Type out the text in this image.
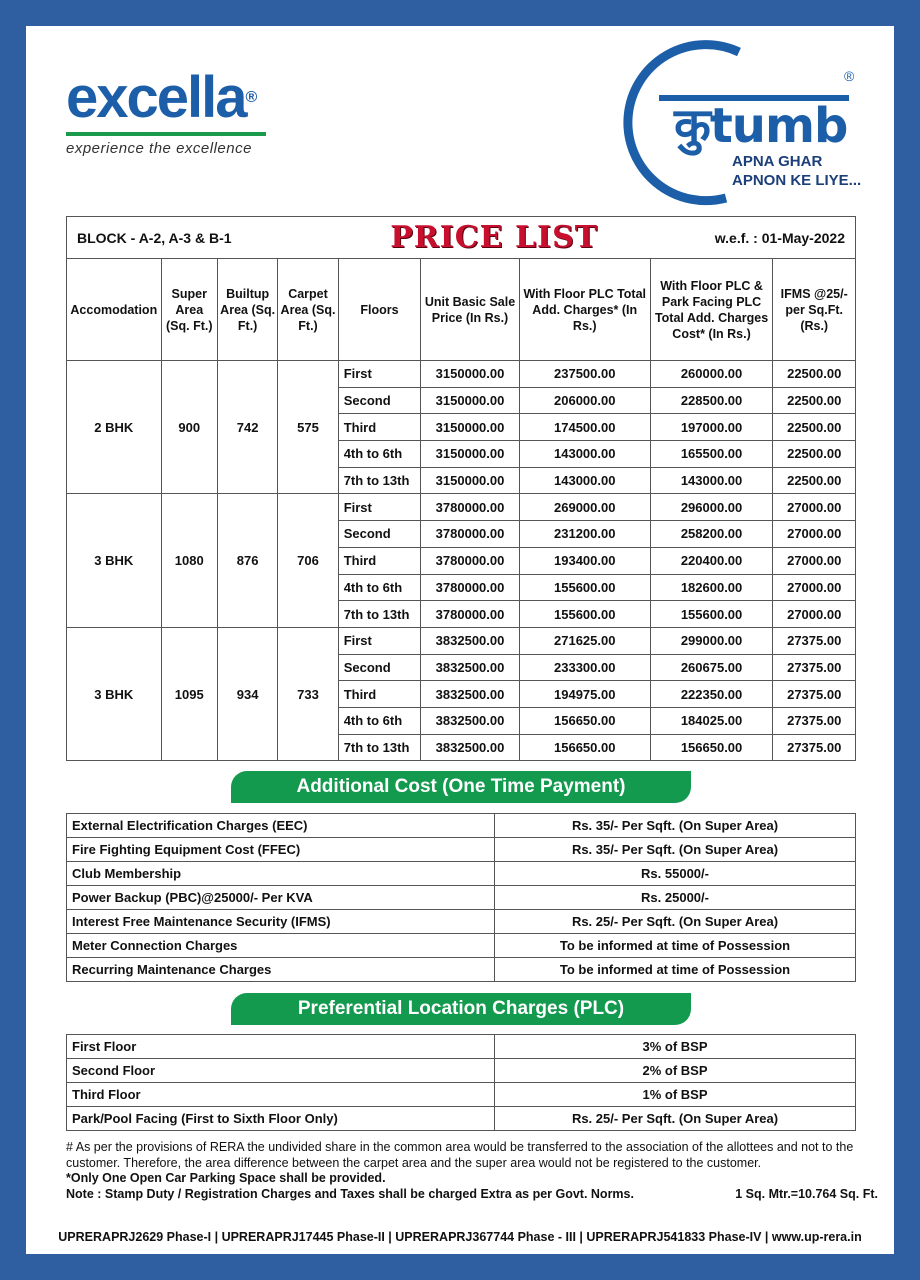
excella®
experience the excellence	कुtumb
®
APNA GHAR
APNON KE LIYE...
BLOCK - A-2, A-3 & B-1				PRICE LIST			w.e.f. : 01-May-2022	
Accomodation	Super Area (Sq. Ft.)	Builtup Area (Sq. Ft.)	Carpet Area (Sq. Ft.)	Floors	Unit Basic Sale Price (In Rs.)	With Floor PLC Total Add. Charges* (In Rs.)	With Floor PLC & Park Facing PLC Total Add. Charges Cost* (In Rs.)	IFMS @25/- per Sq.Ft. (Rs.)
2 BHK	900	742	575	First	3150000.00	237500.00	260000.00	22500.00
				Second	3150000.00	206000.00	228500.00	22500.00
				Third	3150000.00	174500.00	197000.00	22500.00
				4th to 6th	3150000.00	143000.00	165500.00	22500.00
				7th to 13th	3150000.00	143000.00	143000.00	22500.00
3 BHK	1080	876	706	First	3780000.00	269000.00	296000.00	27000.00
				Second	3780000.00	231200.00	258200.00	27000.00
				Third	3780000.00	193400.00	220400.00	27000.00
				4th to 6th	3780000.00	155600.00	182600.00	27000.00
				7th to 13th	3780000.00	155600.00	155600.00	27000.00
3 BHK	1095	934	733	First	3832500.00	271625.00	299000.00	27375.00
				Second	3832500.00	233300.00	260675.00	27375.00
				Third	3832500.00	194975.00	222350.00	27375.00
				4th to 6th	3832500.00	156650.00	184025.00	27375.00
				7th to 13th	3832500.00	156650.00	156650.00	27375.00
Additional Cost (One Time Payment)
External Electrification Charges (EEC)	Rs. 35/- Per Sqft. (On Super Area)
Fire Fighting Equipment Cost (FFEC)	Rs. 35/- Per Sqft. (On Super Area)
Club Membership	Rs. 55000/-
Power Backup (PBC)@25000/- Per KVA	Rs. 25000/-
Interest Free Maintenance Security (IFMS)	Rs. 25/- Per Sqft. (On Super Area)
Meter Connection Charges	To be informed at time of Possession
Recurring Maintenance Charges	To be informed at time of Possession
Preferential Location Charges (PLC)
First Floor	3% of BSP
Second Floor	2% of BSP
Third Floor	1% of BSP
Park/Pool Facing (First to Sixth Floor Only)	Rs. 25/- Per Sqft. (On Super Area)
# As per the provisions of RERA the undivided share in the common area would be transferred to the association of the allottees and not to the customer. Therefore, the area difference between the carpet area and the super area would not be registered to the customer.
*Only One Open Car Parking Space shall be provided.
Note : Stamp Duty / Registration Charges and Taxes shall be charged Extra as per Govt. Norms.	1 Sq. Mtr.=10.764 Sq. Ft.
UPRERAPRJ2629 Phase-I | UPRERAPRJ17445 Phase-II | UPRERAPRJ367744 Phase - III | UPRERAPRJ541833 Phase-IV | www.up-rera.in
